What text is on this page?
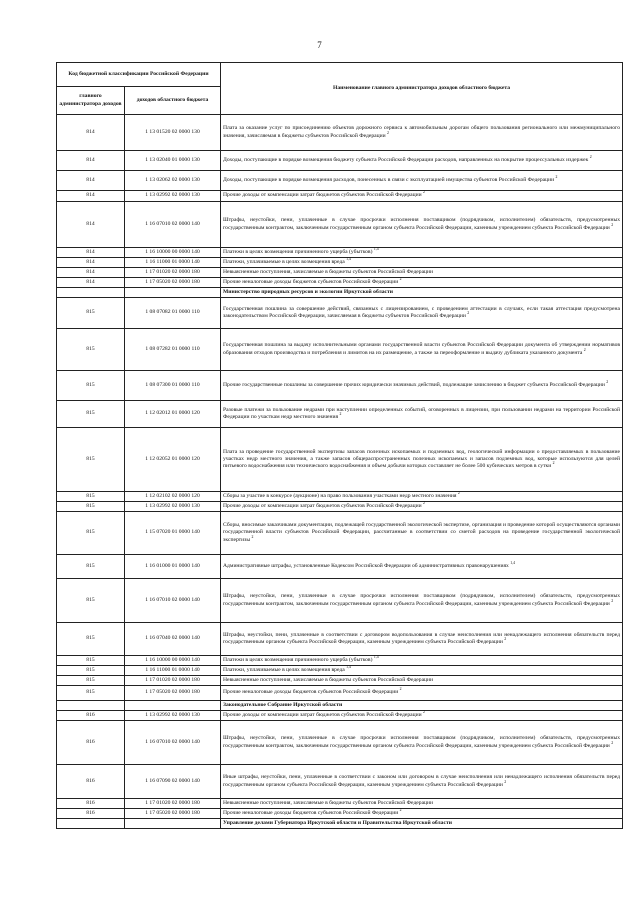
7
Код бюджетной классификации Российской Федерации		Наименование главного администратора доходов областного бюджета
главного администратора доходов	доходов областного бюджета	
814	1 13 01520 02 0000 130	Плата за оказание услуг по присоединению объектов дорожного сервиса к автомобильным дорогам общего пользования регионального или межмуниципального значения, зачисляемая в бюджеты субъектов Российской Федерации $^2$
814	1 13 02040 01 0000 130	Доходы, поступающие в порядке возмещения бюджету субъекта Российской Федерации расходов, направленных на покрытие процессуальных издержек $^2$
814	1 13 02062 02 0000 130	Доходы, поступающие в порядке возмещения расходов, понесенных в связи с эксплуатацией имущества субъектов Российской Федерации $^2$
814	1 13 02992 02 0000 130	Прочие доходы от компенсации затрат бюджетов субъектов Российской Федерации $^2$
814	1 16 07010 02 0000 140	Штрафы, неустойки, пени, уплаченные в случае просрочки исполнения поставщиком (подрядчиком, исполнителем) обязательств, предусмотренных государственным контрактом, заключенным государственным органом субъекта Российской Федерации, казенным учреждением субъекта Российской Федерации $^2$
814	1 16 10000 00 0000 140	Платежи в целях возмещения причиненного ущерба (убытков) $^{1,4}$
814	1 16 11000 01 0000 140	Платежи, уплачиваемые в целях возмещения вреда $^{1,4}$
814	1 17 01020 02 0000 180	Невыясненные поступления, зачисляемые в бюджеты субъектов Российской Федерации
814	1 17 05020 02 0000 180	Прочие неналоговые доходы бюджетов субъектов Российской Федерации $^2$
		Министерство природных ресурсов и экологии Иркутской области
815	1 08 07082 01 0000 110	Государственная пошлина за совершение действий, связанных с лицензированием, с проведением аттестации в случаях, если такая аттестация предусмотрена законодательством Российской Федерации, зачисляемая в бюджеты субъектов Российской Федерации $^2$
815	1 08 07282 01 0000 110	Государственная пошлина за выдачу исполнительными органами государственной власти субъектов Российской Федерации документа об утверждении нормативов образования отходов производства и потребления и лимитов на их размещение, а также за переоформление и выдачу дубликата указанного документа $^2$
815	1 08 07300 01 0000 110	Прочие государственные пошлины за совершение прочих юридически значимых действий, подлежащие зачислению в бюджет субъекта Российской Федерации $^2$
815	1 12 02012 01 0000 120	Разовые платежи за пользование недрами при наступлении определенных событий, оговоренных в лицензии, при пользовании недрами на территории Российской Федерации по участкам недр местного значения $^2$
815	1 12 02052 01 0000 120	Плата за проведение государственной экспертизы запасов полезных ископаемых и подземных вод, геологической информации о предоставляемых в пользование участках недр местного значения, а также запасов общераспространенных полезных ископаемых и запасов подземных вод, которые используются для целей питьевого водоснабжения или технического водоснабжения и объем добычи которых составляет не более 500 кубических метров в сутки $^2$
815	1 12 02102 02 0000 120	Сборы за участие в конкурсе (аукционе) на право пользования участками недр местного значения $^2$
815	1 13 02992 02 0000 130	Прочие доходы от компенсации затрат бюджетов субъектов Российской Федерации $^2$
815	1 15 07020 01 0000 140	Сборы, вносимые заказчиками документации, подлежащей государственной экологической экспертизе, организация и проведение которой осуществляются органами государственной власти субъектов Российской Федерации, рассчитанные в соответствии со сметой расходов на проведение государственной экологической экспертизы $^2$
815	1 16 01000 01 0000 140	Административные штрафы, установленные Кодексом Российской Федерации об административных правонарушениях $^{1,4}$
815	1 16 07010 02 0000 140	Штрафы, неустойки, пени, уплаченные в случае просрочки исполнения поставщиком (подрядчиком, исполнителем) обязательств, предусмотренных государственным контрактом, заключенным государственным органом субъекта Российской Федерации, казенным учреждением субъекта Российской Федерации $^2$
815	1 16 07040 02 0000 140	Штрафы, неустойки, пени, уплаченные в соответствии с договором водопользования в случае неисполнения или ненадлежащего исполнения обязательств перед государственным органом субъекта Российской Федерации, казенным учреждением субъекта Российской Федерации $^2$
815	1 16 10000 00 0000 140	Платежи в целях возмещения причиненного ущерба (убытков) $^{1,4}$
815	1 16 11000 01 0000 140	Платежи, уплачиваемые в целях возмещения вреда $^{1,4}$
815	1 17 01020 02 0000 180	Невыясненные поступления, зачисляемые в бюджеты субъектов Российской Федерации
815	1 17 05020 02 0000 180	Прочие неналоговые доходы бюджетов субъектов Российской Федерации $^2$
		Законодательное Собрание Иркутской области
816	1 13 02992 02 0000 130	Прочие доходы от компенсации затрат бюджетов субъектов Российской Федерации $^2$
816	1 16 07010 02 0000 140	Штрафы, неустойки, пени, уплаченные в случае просрочки исполнения поставщиком (подрядчиком, исполнителем) обязательств, предусмотренных государственным контрактом, заключенным государственным органом субъекта Российской Федерации, казенным учреждением субъекта Российской Федерации $^2$
816	1 16 07090 02 0000 140	Иные штрафы, неустойки, пени, уплаченные в соответствии с законом или договором в случае неисполнения или ненадлежащего исполнения обязательств перед государственным органом субъекта Российской Федерации, казенным учреждением субъекта Российской Федерации $^2$
816	1 17 01020 02 0000 180	Невыясненные поступления, зачисляемые в бюджеты субъектов Российской Федерации
816	1 17 05020 02 0000 180	Прочие неналоговые доходы бюджетов субъектов Российской Федерации $^2$
		Управление делами Губернатора Иркутской области и Правительства Иркутской области
